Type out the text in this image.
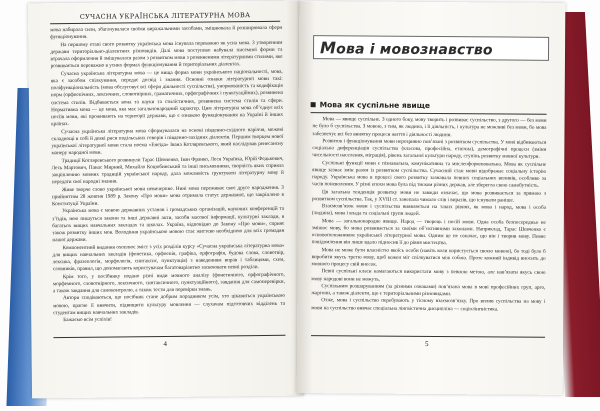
СУЧАСНА УКРАЇНСЬКА ЛІТЕРАТУРНА МОВА

мова набирала сили, збагачувалася своїми виражальними засобами, зміцнювала й розширювала сфери функціонування.

На першому етапі свого розвитку українська мова існувала переважно як усна мова. З утворенням держави територіально-діалектних різновидів. Далі мова поступово набувала писемної форми та втрачала оформлення й змішувалася разом з розвитком мови з розвиненими літературними стилями, яке розвивається переважно в усних формах функціонування й територіальних діалектах.

Сучасна українська літературна мова — це вища форма мови українського національності, мова, яка є засобом спілкування, передає досвід і знання. Основні ознаки літературної мови такі: поліфункціональність (мова обслуговує всі сфери діяльності суспільства), унормованість та кодифікація норм (орфоепічних, лексичних, словотвірних, граматичних, орфографічних і пунктуаційних), розвинена система стилів. Відбивається вона та науки та стилістичних, розвинена система стилів та сфери. Нормативна мова — це мова, яка має загальнонародний характер. Цим літературна мова об’єднує всіх носіїв мови, які проживають на території держави, що є ознакою функціонування на Україні й інших країнах.

Сучасна українська літературна мова сформувалася на основі південно-східного наріччя, межові складнощі в собі й деякі риси подільських говорів і південно-західних діалектів. Першим творцем нової української літературної мови стала поема «Енеїда» Івана Котляревського, який наслідував ренесансну манеру народної мови.

Традиції Котляревського розвинули Тарас Шевченко, Іван Франко, Леся Українка, Юрій Федькович, Лесь Мартович, Панас Мирний, Михайло Коцюбинський та інші письменники, творчість яких сприяла закріпленню мовних традицій української народу, дала можливість ґрунтувати літературну мову й передати свої народні знання.

Живе творче слово української мови невичерпне. Нині мова переживає своє друге народження. З прийняттям 28 жовтня 1989 р. Закону «Про мови» мова отримала статус державної, що закріплено в Конституції України.

Українська мова є мовою державних установ і громадських організацій, наукових конференцій та з’їздів, нею пишуться закони та інші державні акти, засоби масової інформації, культурні заклади, в багатьох вищих навчальних закладах та школах. Україна, відповідно до Закону «Про мови», сприяє також розвитку інших мов. Володіння українською мовою стає життєво необхідною для всіх громадян нашої держави.

Компонентний видання охоплює зміст з усіх розділів курсу «Сучасна українська літературна мова» для вищих навчальних закладів (фонетика, орфоепія, графіка, орфографія, будова слова, словотвір, лексика, фразеологія, морфологія, синтаксис, пунктуація) з наведенням вправ і таблицями, схем, словників, правил, що допомагають користувачам багатоваріантно засвоювати певні розділи.

Крім того, у посібнику подано різні види мовного аналізу (фонетичного, орфографічного, морфемного, словотвірного, лексичного, синтаксичного, пунктуаційного), завдання для самоперевірки, а також завдання для самоконтролю, а також тести для перевірки знань.

Автори сподіваються, що посібник стане добрим порадником усім, хто цікавиться українською мовою, прагне її вивчити, підвищити культуру мовлення — слухачам підготовчих відділень та студентам вищих навчальних закладів.

Бажаємо всім успіхів!

4
Мова і мовознавство
Мова як суспільне явище

Мова — явище суспільне. З одного боку, мову творить і розвиває суспільство, з другого — без мови не було б суспільства. З мовою, з тим, як людина, і її діяльність, і культура не можливі без мови, бо мова забезпечує всі без винятку процеси життя і діяльності людини.

Розвиток і функціонування мови нерозривно пов’язані з розвитком суспільства. У мові відбиваються соціальна диференціація суспільства (класова, професійна, етнічна), демографічні процеси (зміни чисельності населення, міграція), рівень загальної культури народу, ступінь розвитку мовної культури.

Суспільні функції мови є пізнавальна, комунікативна та мислеоформлювальна. Мова як суспільне явище зазнає змін разом із розвитком суспільства. Сучасний стан мови відображає соціальну історію народу. Українська мова в процесі свого розвитку зазнавала певних соціальних впливів, особливо за часів поневолення. У різні епохи мова була під тиском різних держав, але зберегла свою самобутність.

Ця загальна тенденція розвитку мови не завжди означає, що мова розвивається за прямою з розвитком суспільства. Так, у XVIII ст. занепала чимало слів і виразів, що існували раніше.

Взаємозв’язок мови і суспільства виявляється на таких рівнях, як мова і народ, мова і особа (людина), мова і влада та соціальні групи людей.

Мова — загальнонародне явище. Народ — творець і носій мови. Одна особа безпосередньо не змінює мову, бо мова розвивається за своїми об’єктивними законами. Наприклад, Тарас Шевченко є основоположником української літературної мови. Одним це не означає, що він і творив мову. Певне повідомлення він лише вдало підносив її до рівня мистецтва.

Мова не може бути власністю якоїсь особи (навіть коли користується своєю мовою), бо тоді було б виробити якусь третю мову, щоб кожен міг спілкуватися між собою. Проте кожний індивід вносить до мовного процесу свій внесок.

Певні суспільні класи намагаються використати мову з певною метою, але нав’язати якусь свою мову народові вони не можуть.

Суспільним розшаруванням (за різними ознаками) пов’язана мова в мові професійних груп, арго, жаргони, а також діалекти, що є територіальними різновидами.

Отже, мова і суспільство перебувають у тісному взаємозв’язку. Про вплив суспільства на мову і мови на суспільство вивчає спеціальна лінгвістична дисципліна — соціолінгвістика.

5
